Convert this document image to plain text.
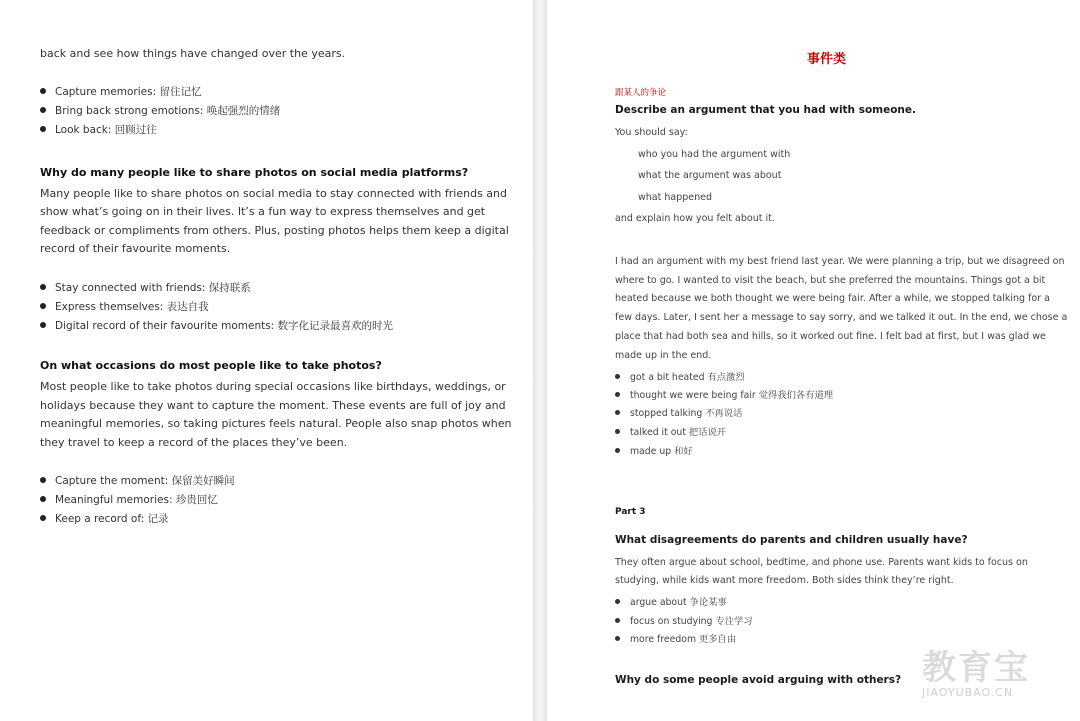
back and see how things have changed over the years.
Capture memories: 留住记忆
Bring back strong emotions: 唤起强烈的情绪
Look back: 回顾过往
Why do many people like to share photos on social media platforms?
Many people like to share photos on social media to stay connected with friends and
show what’s going on in their lives. It’s a fun way to express themselves and get
feedback or compliments from others. Plus, posting photos helps them keep a digital
record of their favourite moments.
Stay connected with friends: 保持联系
Express themselves: 表达自我
Digital record of their favourite moments: 数字化记录最喜欢的时光
On what occasions do most people like to take photos?
Most people like to take photos during special occasions like birthdays, weddings, or
holidays because they want to capture the moment. These events are full of joy and
meaningful memories, so taking pictures feels natural. People also snap photos when
they travel to keep a record of the places they’ve been.
Capture the moment: 保留美好瞬间
Meaningful memories: 珍贵回忆
Keep a record of: 记录
事件类
跟某人的争论
Describe an argument that you had with someone.
You should say:
who you had the argument with
what the argument was about
what happened
and explain how you felt about it.
I had an argument with my best friend last year. We were planning a trip, but we disagreed on
where to go. I wanted to visit the beach, but she preferred the mountains. Things got a bit
heated because we both thought we were being fair. After a while, we stopped talking for a
few days. Later, I sent her a message to say sorry, and we talked it out. In the end, we chose a
place that had both sea and hills, so it worked out fine. I felt bad at first, but I was glad we
made up in the end.
got a bit heated 有点激烈
thought we were being fair 觉得我们各有道理
stopped talking 不再说话
talked it out 把话说开
made up 和好
Part 3
What disagreements do parents and children usually have?
They often argue about school, bedtime, and phone use. Parents want kids to focus on
studying, while kids want more freedom. Both sides think they’re right.
argue about 争论某事
focus on studying 专注学习
more freedom 更多自由
Why do some people avoid arguing with others? 教育宝
JIAOYUBAO.CN
